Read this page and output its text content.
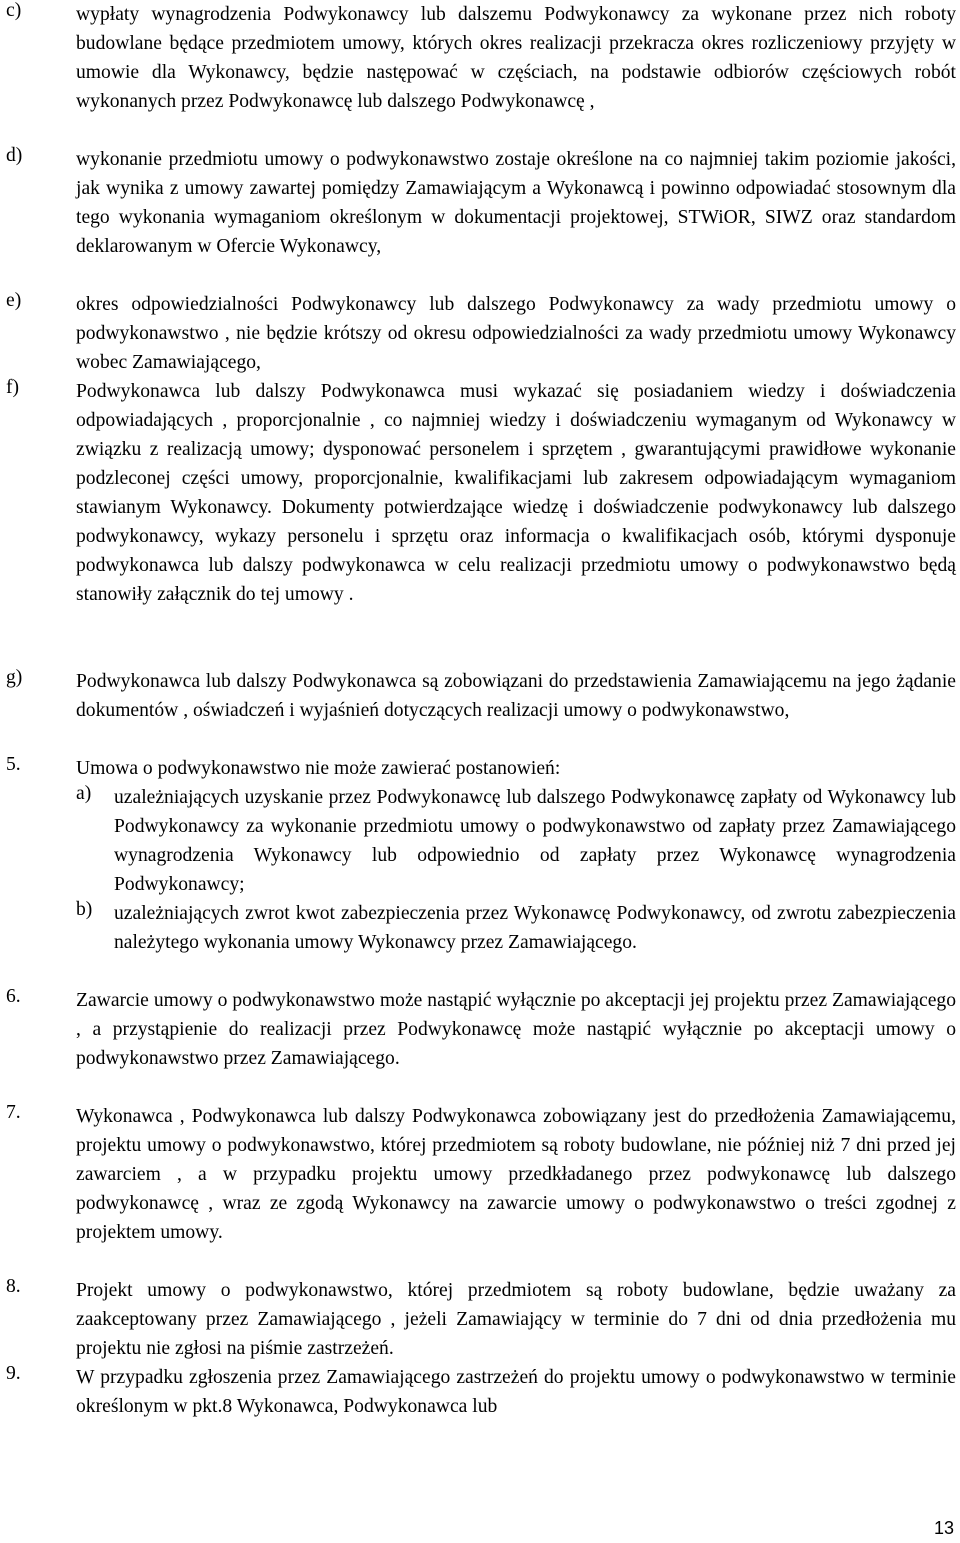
c)	wypłaty wynagrodzenia Podwykonawcy lub dalszemu Podwykonawcy za wykonane przez nich roboty budowlane będące przedmiotem umowy, których okres realizacji przekracza okres rozliczeniowy przyjęty w umowie dla Wykonawcy, będzie następować w częściach, na podstawie odbiorów częściowych robót wykonanych przez Podwykonawcę lub dalszego Podwykonawcę ,
d)	wykonanie przedmiotu umowy o podwykonawstwo zostaje określone na co najmniej takim poziomie jakości, jak wynika z umowy zawartej pomiędzy Zamawiającym a Wykonawcą i powinno odpowiadać stosownym dla tego wykonania wymaganiom określonym w dokumentacji projektowej, STWiOR, SIWZ oraz standardom deklarowanym w Ofercie Wykonawcy,
e)	okres odpowiedzialności Podwykonawcy lub dalszego Podwykonawcy za wady przedmiotu umowy o podwykonawstwo , nie będzie krótszy od okresu odpowiedzialności za wady przedmiotu umowy Wykonawcy wobec Zamawiającego,
f)	Podwykonawca lub dalszy Podwykonawca musi wykazać się posiadaniem wiedzy i doświadczenia odpowiadających , proporcjonalnie , co najmniej wiedzy i doświadczeniu wymaganym od Wykonawcy w związku z realizacją umowy; dysponować personelem i sprzętem , gwarantującymi prawidłowe wykonanie podzleconej części umowy, proporcjonalnie, kwalifikacjami lub zakresem odpowiadającym wymaganiom stawianym Wykonawcy. Dokumenty potwierdzające wiedzę i doświadczenie podwykonawcy lub dalszego podwykonawcy, wykazy personelu i sprzętu oraz informacja o kwalifikacjach osób, którymi dysponuje podwykonawca lub dalszy podwykonawca w celu realizacji przedmiotu umowy o podwykonawstwo będą stanowiły załącznik do tej umowy .
g)	Podwykonawca lub dalszy Podwykonawca są zobowiązani do przedstawienia Zamawiającemu na jego żądanie dokumentów , oświadczeń i wyjaśnień dotyczących realizacji umowy o podwykonawstwo,
5.	Umowa o podwykonawstwo nie może zawierać postanowień:
a) uzależniających uzyskanie przez Podwykonawcę lub dalszego Podwykonawcę zapłaty od Wykonawcy lub Podwykonawcy za wykonanie przedmiotu umowy o podwykonawstwo od zapłaty przez Zamawiającego wynagrodzenia Wykonawcy lub odpowiednio od zapłaty przez Wykonawcę wynagrodzenia Podwykonawcy;
b) uzależniających zwrot kwot zabezpieczenia przez Wykonawcę Podwykonawcy, od zwrotu zabezpieczenia należytego wykonania umowy Wykonawcy przez Zamawiającego.
6.	Zawarcie umowy o podwykonawstwo może nastąpić wyłącznie po akceptacji jej projektu przez Zamawiającego , a przystąpienie do realizacji przez Podwykonawcę może nastąpić wyłącznie po akceptacji umowy o podwykonawstwo przez Zamawiającego.
7.	Wykonawca , Podwykonawca lub dalszy Podwykonawca zobowiązany jest do przedłożenia Zamawiającemu, projektu umowy o podwykonawstwo, której przedmiotem są roboty budowlane, nie później niż 7 dni przed jej zawarciem , a w przypadku projektu umowy przedkładanego przez podwykonawcę lub dalszego podwykonawcę , wraz ze zgodą Wykonawcy na zawarcie umowy o podwykonawstwo o treści zgodnej z projektem umowy.
8.	Projekt umowy o podwykonawstwo, której przedmiotem są roboty budowlane, będzie uważany za zaakceptowany przez Zamawiającego , jeżeli Zamawiający w terminie do 7 dni od dnia przedłożenia mu projektu nie zgłosi na piśmie zastrzeżeń.
9.	W przypadku zgłoszenia przez Zamawiającego zastrzeżeń do projektu umowy o podwykonawstwo w terminie określonym w pkt.8 Wykonawca, Podwykonawca lub
13
